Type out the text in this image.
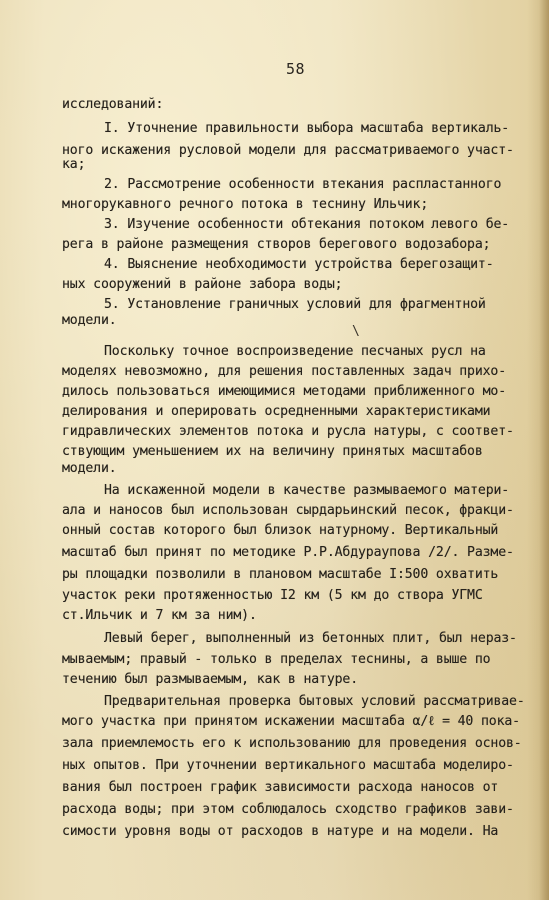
58
\
исследований:
I. Уточнение правильности выбора масштаба вертикаль-
ного искажения русловой модели для рассматриваемого участ-
ка;
2. Рассмотрение особенности втекания распластанного
многорукавного речного потока в теснину Ильчик;
3. Изучение особенности обтекания потоком левого бе-
рега в районе размещения створов берегового водозабора;
4. Выяснение необходимости устройства берегозащит-
ных сооружений в районе забора воды;
5. Установление граничных условий для фрагментной
модели.
Поскольку точное воспроизведение песчаных русл на
моделях невозможно, для решения поставленных задач прихо-
дилось пользоваться имеющимися методами приближенного мо-
делирования и оперировать осредненными характеристиками
гидравлических элементов потока и русла натуры, с соответ-
ствующим уменьшением их на величину принятых масштабов
модели.
На искаженной модели в качестве размываемого матери-
ала и наносов был использован сырдарьинский песок, фракци-
онный состав которого был близок натурному. Вертикальный
масштаб был принят по методике Р.Р.Абдураупова /2/. Разме-
ры площадки позволили в плановом масштабе I:500 охватить
участок реки протяженностью I2 км (5 км до створа УГМС
ст.Ильчик и 7 км за ним).
Левый берег, выполненный из бетонных плит, был нераз-
мываемым; правый - только в пределах теснины, а выше по
течению был размываемым, как в натуре.
Предварительная проверка бытовых условий рассматривае-
мого участка при принятом искажении масштаба α/ℓ = 40 пока-
зала приемлемость его к использованию для проведения основ-
ных опытов. При уточнении вертикального масштаба моделиро-
вания был построен график зависимости расхода наносов от
расхода воды; при этом соблюдалось сходство графиков зави-
симости уровня воды от расходов в натуре и на модели. На
